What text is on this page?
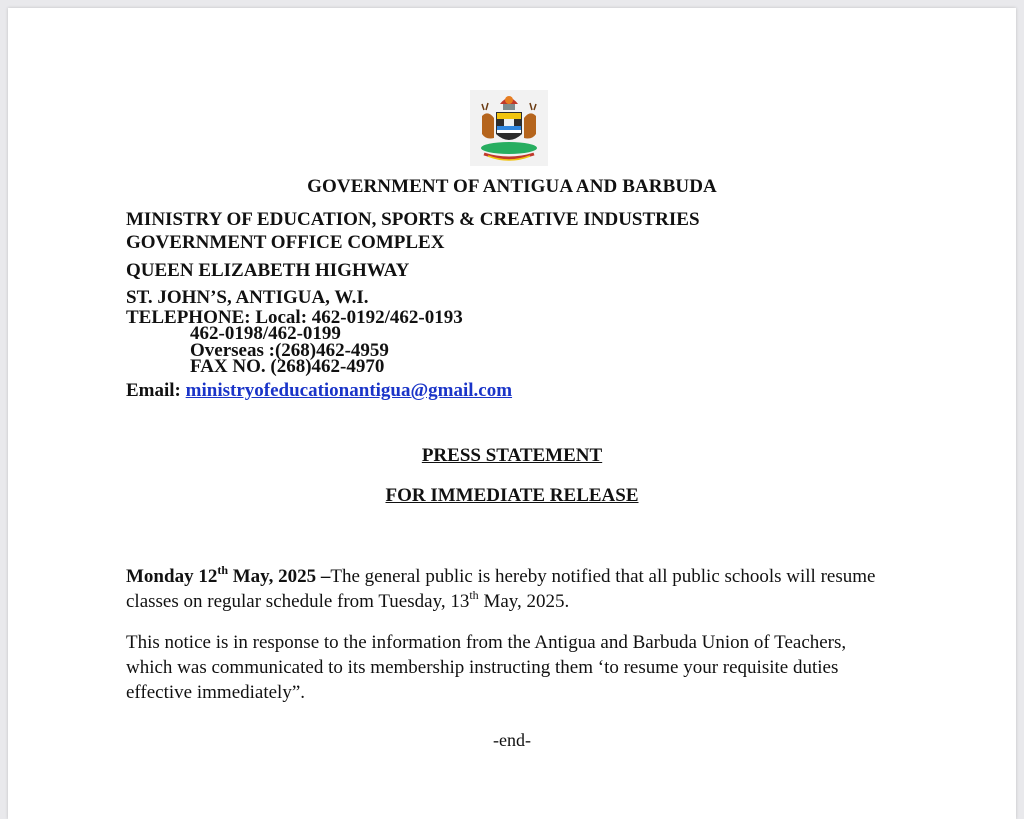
GOVERNMENT OF ANTIGUA AND BARBUDA
MINISTRY OF EDUCATION, SPORTS & CREATIVE INDUSTRIES
GOVERNMENT OFFICE COMPLEX
QUEEN ELIZABETH HIGHWAY
ST. JOHN’S, ANTIGUA, W.I.
TELEPHONE: Local: 462-0192/462-0193
462-0198/462-0199
Overseas :(268)462-4959
FAX NO. (268)462-4970
Email: ministryofeducationantigua@gmail.com
PRESS STATEMENT
FOR IMMEDIATE RELEASE
Monday 12th May, 2025 –The general public is hereby notified that all public schools will resume classes on regular schedule from Tuesday, 13th May, 2025.
This notice is in response to the information from the Antigua and Barbuda Union of Teachers, which was communicated to its membership instructing them ‘to resume your requisite duties effective immediately”.
-end-
